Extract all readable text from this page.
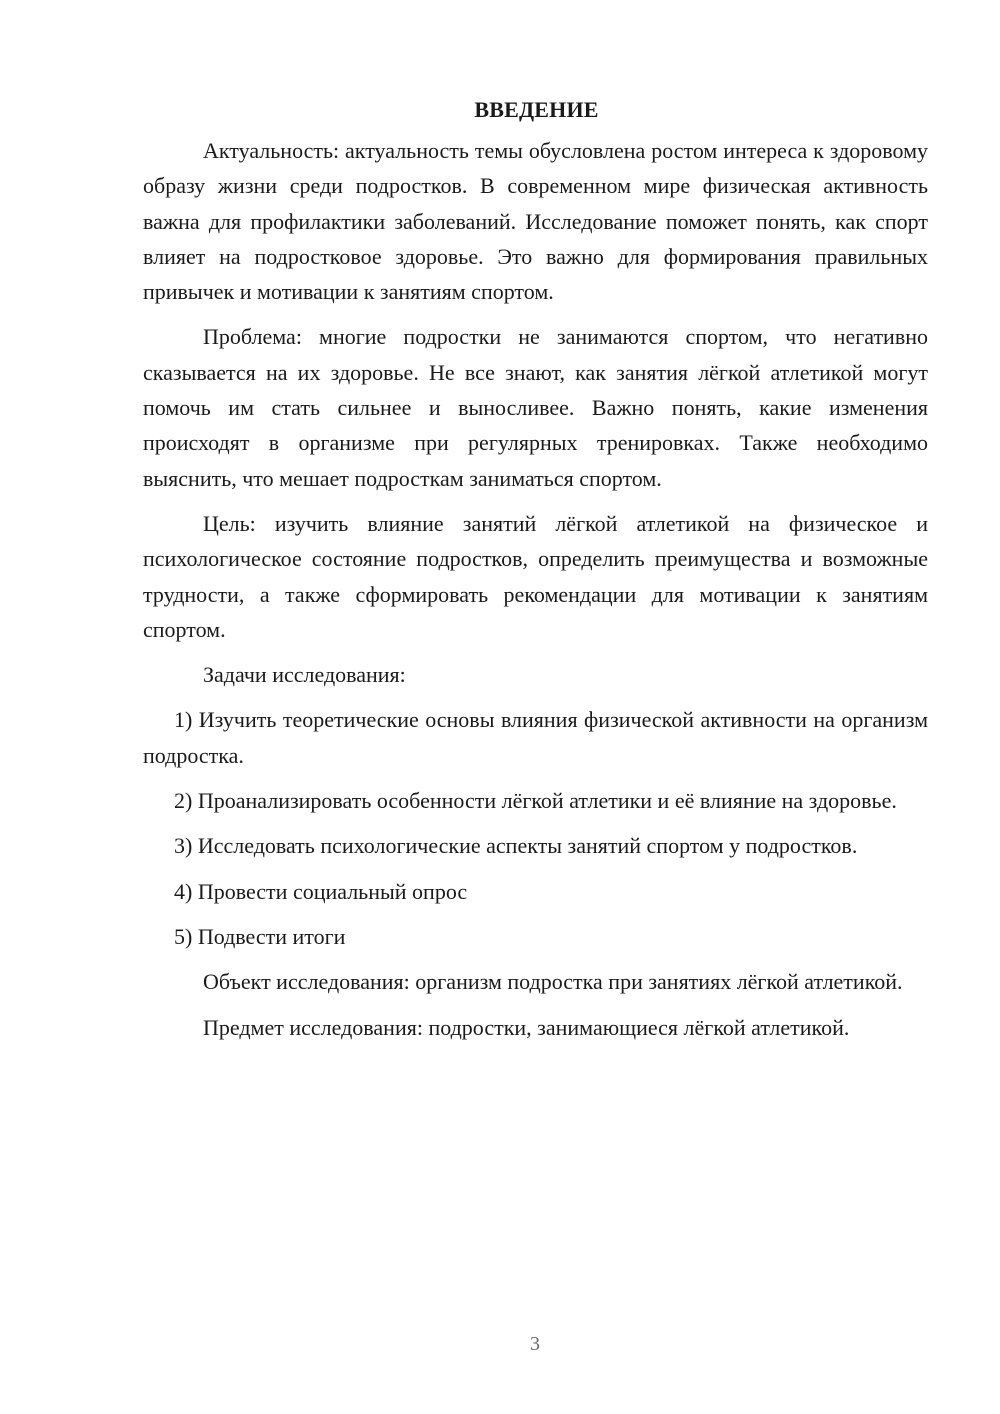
ВВЕДЕНИЕ

Актуальность: актуальность темы обусловлена ростом интереса к здоровому образу жизни среди подростков. В современном мире физическая активность важна для профилактики заболеваний. Исследование поможет понять, как спорт влияет на подростковое здоровье. Это важно для формирования правильных привычек и мотивации к занятиям спортом.

Проблема: многие подростки не занимаются спортом, что негативно сказывается на их здоровье. Не все знают, как занятия лёгкой атлетикой могут помочь им стать сильнее и выносливее. Важно понять, какие изменения происходят в организме при регулярных тренировках. Также необходимо выяснить, что мешает подросткам заниматься спортом.

Цель: изучить влияние занятий лёгкой атлетикой на физическое и психологическое состояние подростков, определить преимущества и возможные трудности, а также сформировать рекомендации для мотивации к занятиям спортом.

Задачи исследования:

1) Изучить теоретические основы влияния физической активности на организм подростка.

2) Проанализировать особенности лёгкой атлетики и её влияние на здоровье.

3) Исследовать психологические аспекты занятий спортом у подростков.

4) Провести социальный опрос

5) Подвести итоги

Объект исследования: организм подростка при занятиях лёгкой атлетикой.

Предмет исследования: подростки, занимающиеся лёгкой атлетикой.

3
